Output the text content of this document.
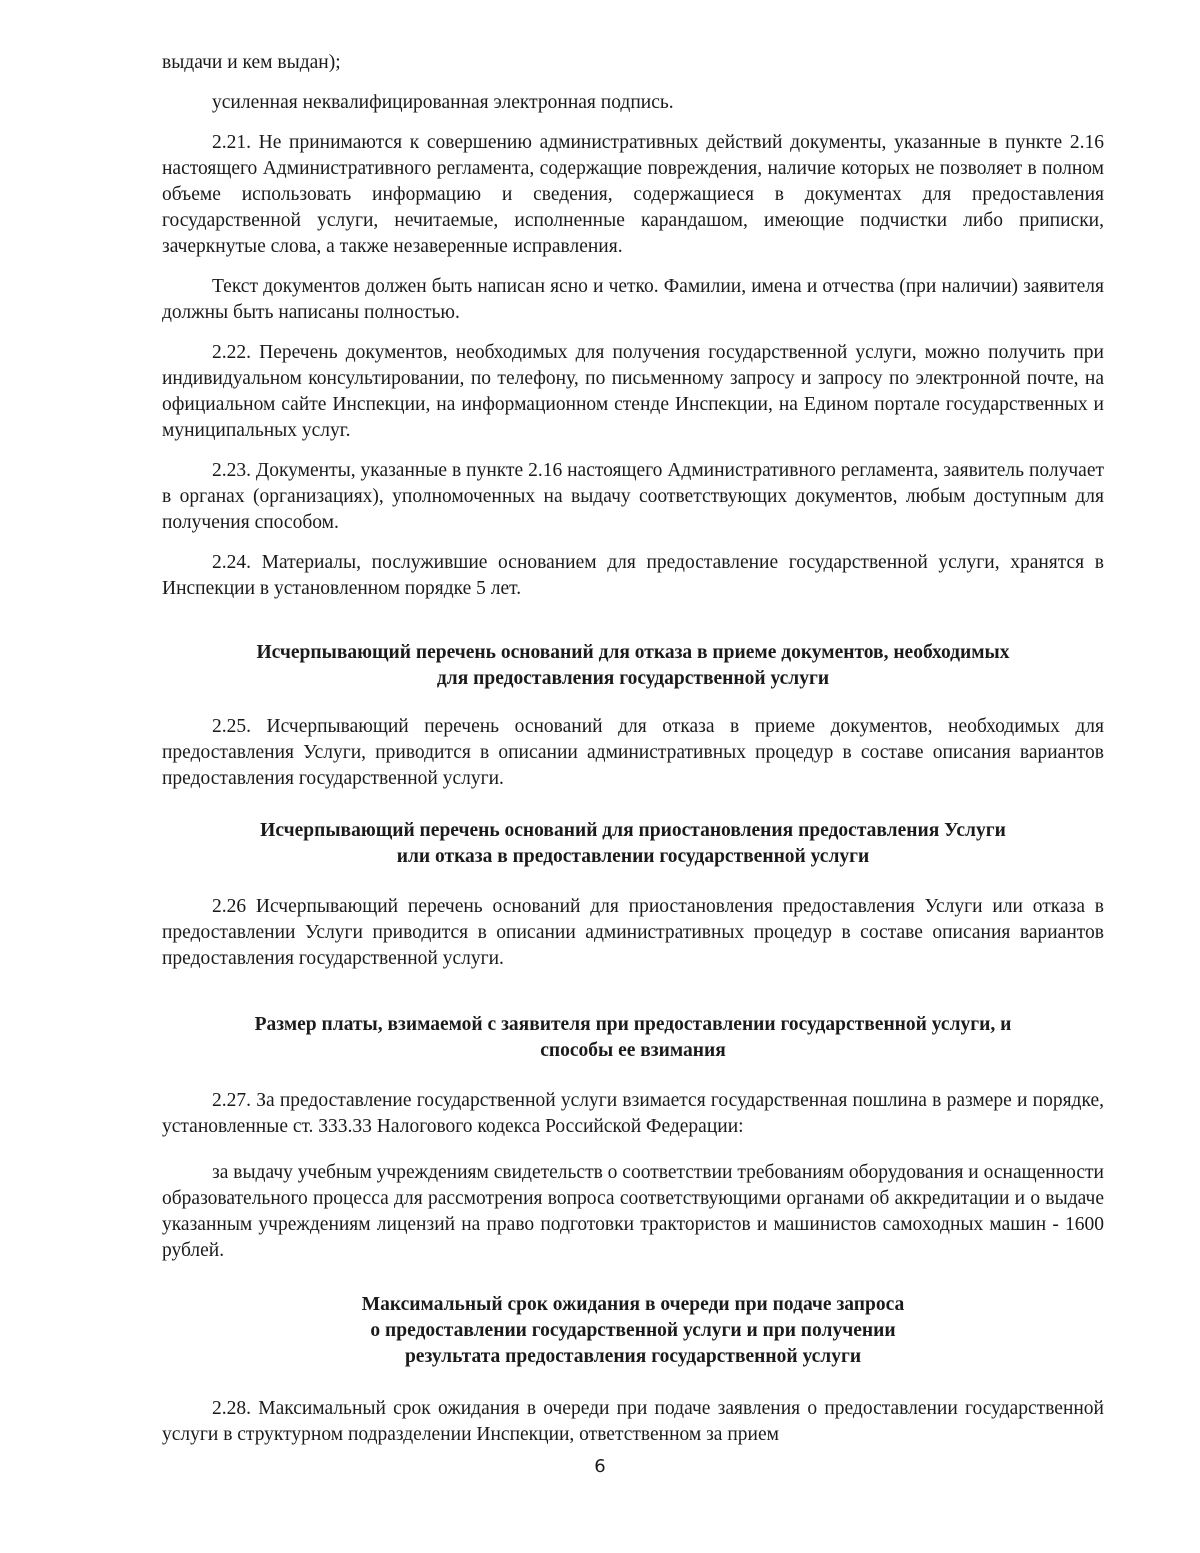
выдачи и кем выдан);

усиленная неквалифицированная электронная подпись.

2.21. Не принимаются к совершению административных действий документы, указанные в пункте 2.16 настоящего Административного регламента, содержащие повреждения, наличие которых не позволяет в полном объеме использовать информацию и сведения, содержащиеся в документах для предоставления государственной услуги, нечитаемые, исполненные карандашом, имеющие подчистки либо приписки, зачеркнутые слова, а также незаверенные исправления.

Текст документов должен быть написан ясно и четко. Фамилии, имена и отчества (при наличии) заявителя должны быть написаны полностью.

2.22. Перечень документов, необходимых для получения государственной услуги, можно получить при индивидуальном консультировании, по телефону, по письменному запросу и запросу по электронной почте, на официальном сайте Инспекции, на информационном стенде Инспекции, на Едином портале государственных и муниципальных услуг.

2.23. Документы, указанные в пункте 2.16 настоящего Административного регламента, заявитель получает в органах (организациях), уполномоченных на выдачу соответствующих документов, любым доступным для получения способом.

2.24. Материалы, послужившие основанием для предоставление государственной услуги, хранятся в Инспекции в установленном порядке 5 лет.

Исчерпывающий перечень оснований для отказа в приеме документов, необходимых
для предоставления государственной услуги

2.25. Исчерпывающий перечень оснований для отказа в приеме документов, необходимых для предоставления Услуги, приводится в описании административных процедур в составе описания вариантов предоставления государственной услуги.

Исчерпывающий перечень оснований для приостановления предоставления Услуги
или отказа в предоставлении государственной услуги

2.26 Исчерпывающий перечень оснований для приостановления предоставления Услуги или отказа в предоставлении Услуги приводится в описании административных процедур в составе описания вариантов предоставления государственной услуги.

Размер платы, взимаемой с заявителя при предоставлении государственной услуги, и
способы ее взимания

2.27. За предоставление государственной услуги взимается государственная пошлина в размере и порядке, установленные ст. 333.33 Налогового кодекса Российской Федерации:

за выдачу учебным учреждениям свидетельств о соответствии требованиям оборудования и оснащенности образовательного процесса для рассмотрения вопроса соответствующими органами об аккредитации и о выдаче указанным учреждениям лицензий на право подготовки трактористов и машинистов самоходных машин - 1600 рублей.

Максимальный срок ожидания в очереди при подаче запроса
о предоставлении государственной услуги и при получении
результата предоставления государственной услуги

2.28. Максимальный срок ожидания в очереди при подаче заявления о предоставлении государственной услуги в структурном подразделении Инспекции, ответственном за прием

6
